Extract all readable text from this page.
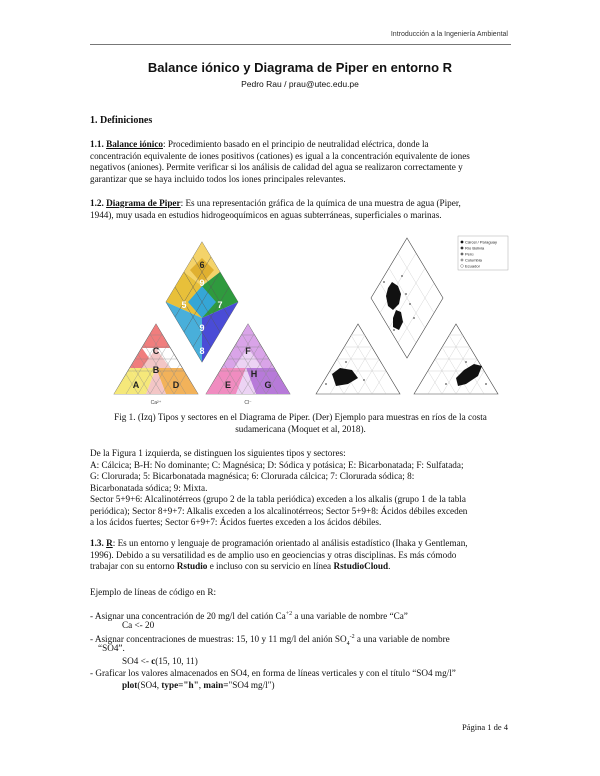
Introducción a la Ingeniería Ambiental
Balance iónico y Diagrama de Piper en entorno R
Pedro Rau / prau@utec.edu.pe
1. Definiciones
1.1. Balance iónico: Procedimiento basado en el principio de neutralidad eléctrica, donde la
concentración equivalente de iones positivos (cationes) es igual a la concentración equivalente de iones
negativos (aniones). Permite verificar si los análisis de calidad del agua se realizaron correctamente y
garantizar que se haya incluido todos los iones principales relevantes.
1.2. Diagrama de Piper: Es una representación gráfica de la química de una muestra de agua (Piper,
1944), muy usada en estudios hidrogeoquímicos en aguas subterráneas, superficiales o marinas.
6
9
5	7
9
8
C
B
A	D
F
H
E	G
Ca²⁺	Cl⁻
Cárcel / Paraguay
Río Bolivia
Perú
Columbia
Ecuador
Fig 1. (Izq) Tipos y sectores en el Diagrama de Piper. (Der) Ejemplo para muestras en ríos de la costa
sudamericana (Moquet et al, 2018).
De la Figura 1 izquierda, se distinguen los siguientes tipos y sectores:
A: Cálcica; B-H: No dominante; C: Magnésica; D: Sódica y potásica; E: Bicarbonatada; F: Sulfatada;
G: Clorurada; 5: Bicarbonatada magnésica; 6: Clorurada cálcica; 7: Clorurada sódica; 8:
Bicarbonatada sódica; 9: Mixta.
Sector 5+9+6: Alcalinotérreos (grupo 2 de la tabla periódica) exceden a los alkalis (grupo 1 de la tabla
periódica); Sector 8+9+7: Alkalis exceden a los alcalinotérreos; Sector 5+9+8: Ácidos débiles exceden
a los ácidos fuertes; Sector 6+9+7: Ácidos fuertes exceden a los ácidos débiles.
1.3. R: Es un entorno y lenguaje de programación orientado al análisis estadístico (Ihaka y Gentleman,
1996). Debido a su versatilidad es de amplio uso en geociencias y otras disciplinas. Es más cómodo
trabajar con su entorno Rstudio e incluso con su servicio en línea RstudioCloud.
Ejemplo de líneas de código en R:
- Asignar una concentración de 20 mg/l del catión $Ca^{+2}$ a una variable de nombre “Ca”
Ca <- 20
- Asignar concentraciones de muestras: 15, 10 y 11 mg/l del anión $SO_4^{-2}$ a una variable de nombre
“SO4”.
SO4 <- c(15, 10, 11)
- Graficar los valores almacenados en SO4, en forma de líneas verticales y con el título “SO4 mg/l”
plot(SO4, type="h", main="SO4 mg/l")
Página 1 de 4
